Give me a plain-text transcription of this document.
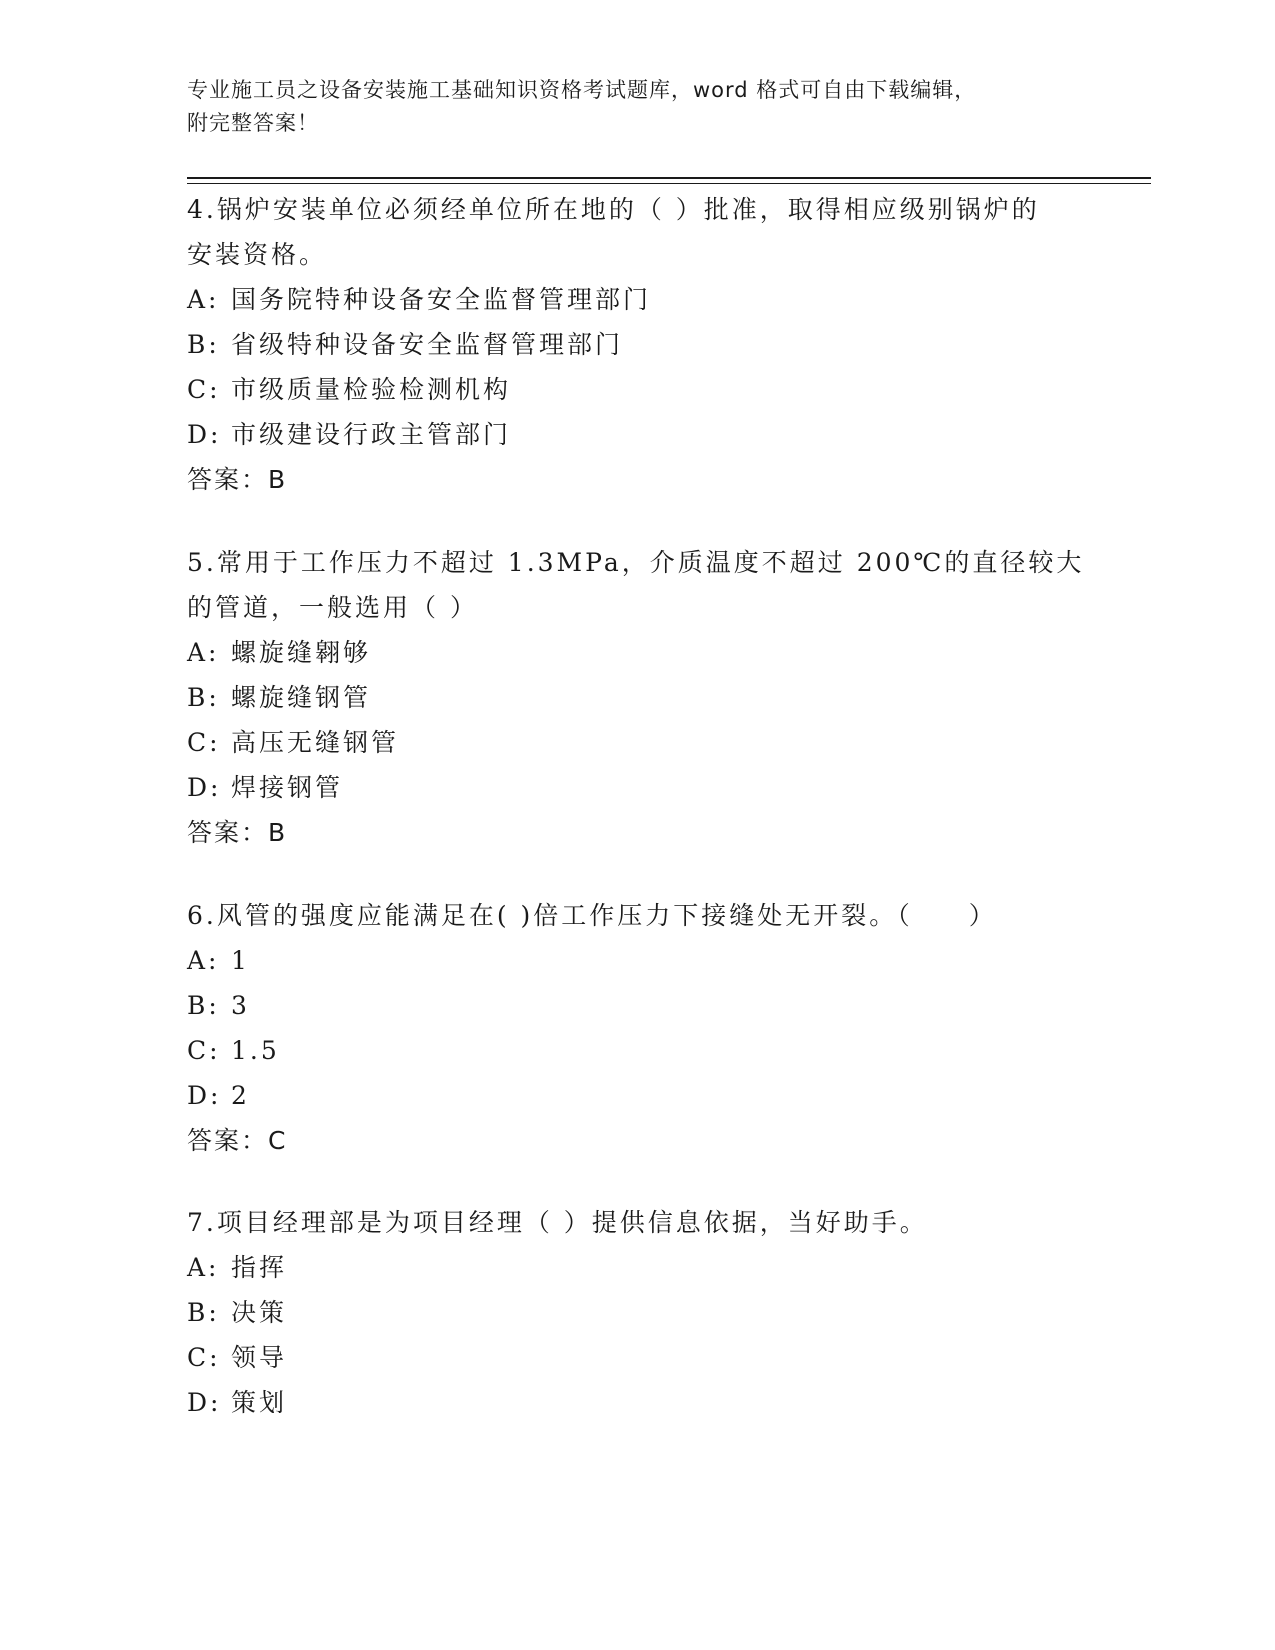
专业施工员之设备安装施工基础知识资格考试题库，word 格式可自由下载编辑，
附完整答案！
4.锅炉安装单位必须经单位所在地的（ ）批准，取得相应级别锅炉的
安装资格。
A: 国务院特种设备安全监督管理部门
B: 省级特种设备安全监督管理部门
C: 市级质量检验检测机构
D: 市级建设行政主管部门
答案：B
5.常用于工作压力不超过 1.3MPa，介质温度不超过 200℃的直径较大
的管道，一般选用（ ）
A: 螺旋缝翱够
B: 螺旋缝钢管
C: 高压无缝钢管
D: 焊接钢管
答案：B
6.风管的强度应能满足在( )倍工作压力下接缝处无开裂。（　　）
A: 1
B: 3
C: 1.5
D: 2
答案：C
7.项目经理部是为项目经理（ ）提供信息依据，当好助手。
A: 指挥
B: 决策
C: 领导
D: 策划
